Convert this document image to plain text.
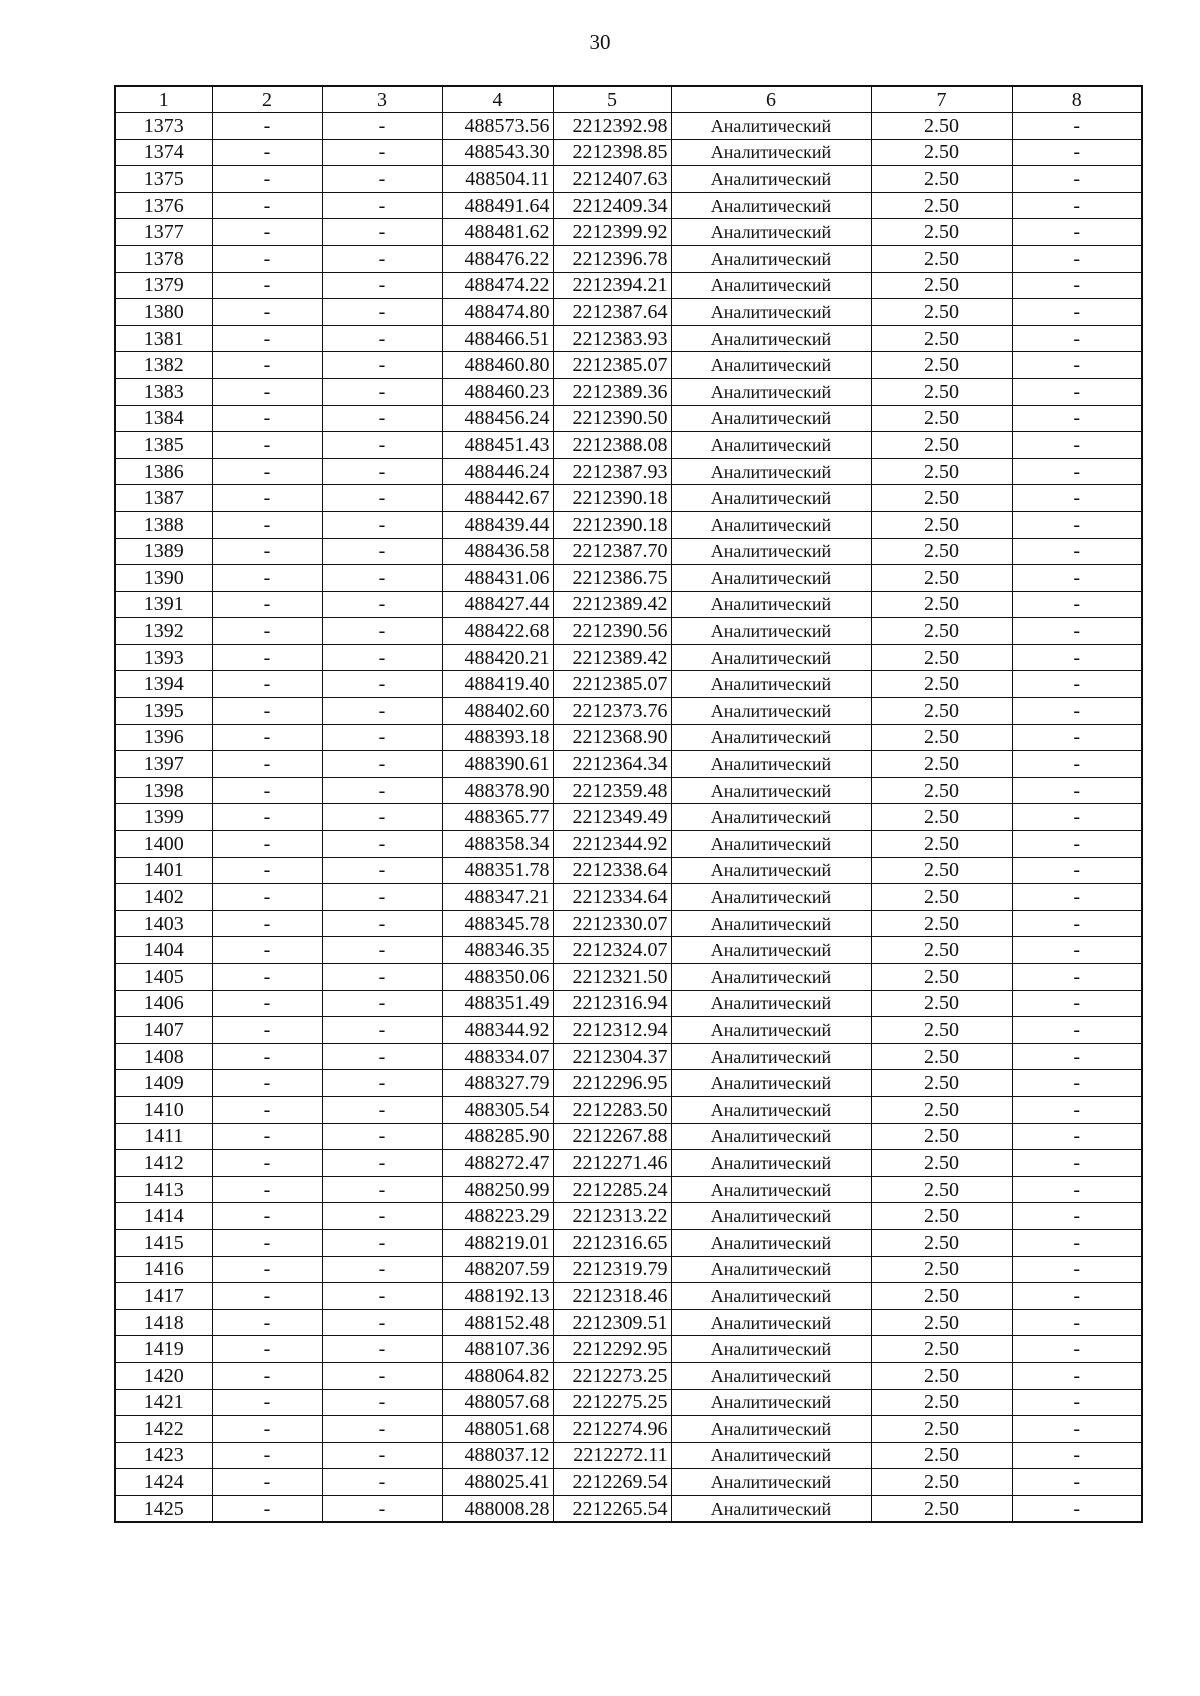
30
1	2	3	4	5	6	7	8
1373	-	-	488573.56	2212392.98	Аналитический	2.50	-
1374	-	-	488543.30	2212398.85	Аналитический	2.50	-
1375	-	-	488504.11	2212407.63	Аналитический	2.50	-
1376	-	-	488491.64	2212409.34	Аналитический	2.50	-
1377	-	-	488481.62	2212399.92	Аналитический	2.50	-
1378	-	-	488476.22	2212396.78	Аналитический	2.50	-
1379	-	-	488474.22	2212394.21	Аналитический	2.50	-
1380	-	-	488474.80	2212387.64	Аналитический	2.50	-
1381	-	-	488466.51	2212383.93	Аналитический	2.50	-
1382	-	-	488460.80	2212385.07	Аналитический	2.50	-
1383	-	-	488460.23	2212389.36	Аналитический	2.50	-
1384	-	-	488456.24	2212390.50	Аналитический	2.50	-
1385	-	-	488451.43	2212388.08	Аналитический	2.50	-
1386	-	-	488446.24	2212387.93	Аналитический	2.50	-
1387	-	-	488442.67	2212390.18	Аналитический	2.50	-
1388	-	-	488439.44	2212390.18	Аналитический	2.50	-
1389	-	-	488436.58	2212387.70	Аналитический	2.50	-
1390	-	-	488431.06	2212386.75	Аналитический	2.50	-
1391	-	-	488427.44	2212389.42	Аналитический	2.50	-
1392	-	-	488422.68	2212390.56	Аналитический	2.50	-
1393	-	-	488420.21	2212389.42	Аналитический	2.50	-
1394	-	-	488419.40	2212385.07	Аналитический	2.50	-
1395	-	-	488402.60	2212373.76	Аналитический	2.50	-
1396	-	-	488393.18	2212368.90	Аналитический	2.50	-
1397	-	-	488390.61	2212364.34	Аналитический	2.50	-
1398	-	-	488378.90	2212359.48	Аналитический	2.50	-
1399	-	-	488365.77	2212349.49	Аналитический	2.50	-
1400	-	-	488358.34	2212344.92	Аналитический	2.50	-
1401	-	-	488351.78	2212338.64	Аналитический	2.50	-
1402	-	-	488347.21	2212334.64	Аналитический	2.50	-
1403	-	-	488345.78	2212330.07	Аналитический	2.50	-
1404	-	-	488346.35	2212324.07	Аналитический	2.50	-
1405	-	-	488350.06	2212321.50	Аналитический	2.50	-
1406	-	-	488351.49	2212316.94	Аналитический	2.50	-
1407	-	-	488344.92	2212312.94	Аналитический	2.50	-
1408	-	-	488334.07	2212304.37	Аналитический	2.50	-
1409	-	-	488327.79	2212296.95	Аналитический	2.50	-
1410	-	-	488305.54	2212283.50	Аналитический	2.50	-
1411	-	-	488285.90	2212267.88	Аналитический	2.50	-
1412	-	-	488272.47	2212271.46	Аналитический	2.50	-
1413	-	-	488250.99	2212285.24	Аналитический	2.50	-
1414	-	-	488223.29	2212313.22	Аналитический	2.50	-
1415	-	-	488219.01	2212316.65	Аналитический	2.50	-
1416	-	-	488207.59	2212319.79	Аналитический	2.50	-
1417	-	-	488192.13	2212318.46	Аналитический	2.50	-
1418	-	-	488152.48	2212309.51	Аналитический	2.50	-
1419	-	-	488107.36	2212292.95	Аналитический	2.50	-
1420	-	-	488064.82	2212273.25	Аналитический	2.50	-
1421	-	-	488057.68	2212275.25	Аналитический	2.50	-
1422	-	-	488051.68	2212274.96	Аналитический	2.50	-
1423	-	-	488037.12	2212272.11	Аналитический	2.50	-
1424	-	-	488025.41	2212269.54	Аналитический	2.50	-
1425	-	-	488008.28	2212265.54	Аналитический	2.50	-
